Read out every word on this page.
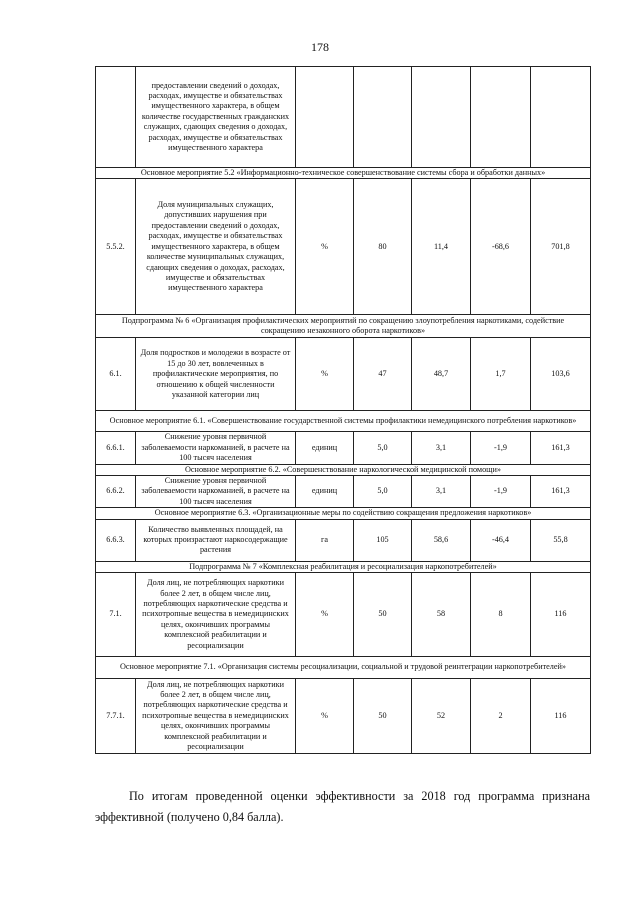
178
	предоставлении сведений о доходах, расходах, имуществе и обязательствах имущественного характера, в общем количестве государственных гражданских служащих, сдающих сведения о доходах, расходах, имуществе и обязательствах имущественного характера					
Основное мероприятие 5.2 «Информационно-техническое совершенствование системы сбора и обработки данных»						
5.5.2.	Доля муниципальных служащих, допустивших нарушения при предоставлении сведений о доходах, расходах, имуществе и обязательствах имущественного характера, в общем количестве муниципальных служащих, сдающих сведения о доходах, расходах, имуществе и обязательствах имущественного характера	%	80	11,4	-68,6	701,8
Подпрограмма № 6 «Организация профилактических мероприятий по сокращению злоупотребления наркотиками, содействие сокращению незаконного оборота наркотиков»						
6.1.	Доля подростков и молодежи в возрасте от 15 до 30 лет, вовлеченных в профилактические мероприятия, по отношению к общей численности указанной категории лиц	%	47	48,7	1,7	103,6
Основное мероприятие 6.1. «Совершенствование государственной системы профилактики немедицинского потребления наркотиков»						
6.6.1.	Снижение уровня первичной заболеваемости наркоманией, в расчете на 100 тысяч населения	единиц	5,0	3,1	-1,9	161,3
Основное мероприятие 6.2. «Совершенствование наркологической медицинской помощи»						
6.6.2.	Снижение уровня первичной заболеваемости наркоманией, в расчете на 100 тысяч населения	единиц	5,0	3,1	-1,9	161,3
Основное мероприятие 6.3. «Организационные меры по содействию сокращения предложения наркотиков»						
6.6.3.	Количество выявленных площадей, на которых произрастают наркосодержащие растения	га	105	58,6	-46,4	55,8
Подпрограмма № 7 «Комплексная реабилитация и ресоциализация наркопотребителей»						
7.1.	Доля лиц, не потребляющих наркотики более 2 лет, в общем числе лиц, потребляющих наркотические средства и психотропные вещества в немедицинских целях, окончивших программы комплексной реабилитации и ресоциализации	%	50	58	8	116
Основное мероприятие 7.1. «Организация системы ресоциализации, социальной и трудовой реинтеграции наркопотребителей»						
7.7.1.	Доля лиц, не потребляющих наркотики более 2 лет, в общем числе лиц, потребляющих наркотические средства и психотропные вещества в немедицинских целях, окончивших программы комплексной реабилитации и ресоциализации	%	50	52	2	116
По итогам проведенной оценки эффективности за 2018 год программа признана эффективной (получено 0,84 балла).
